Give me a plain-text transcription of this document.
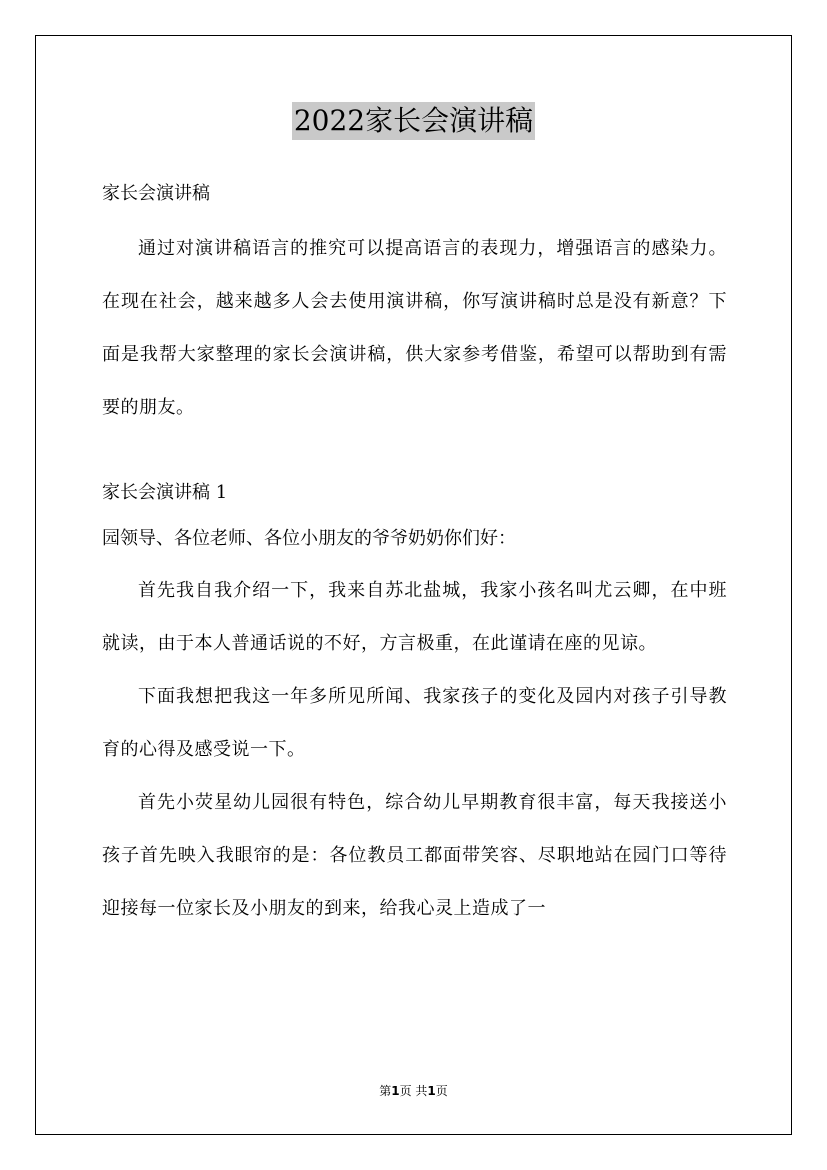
2022家长会演讲稿

家长会演讲稿

通过对演讲稿语言的推究可以提高语言的表现力，增强语言的感染力。在现在社会，越来越多人会去使用演讲稿，你写演讲稿时总是没有新意？下面是我帮大家整理的家长会演讲稿，供大家参考借鉴，希望可以帮助到有需要的朋友。

家长会演讲稿 1

园领导、各位老师、各位小朋友的爷爷奶奶你们好：

首先我自我介绍一下，我来自苏北盐城，我家小孩名叫尤云卿，在中班就读，由于本人普通话说的不好，方言极重，在此谨请在座的见谅。

下面我想把我这一年多所见所闻、我家孩子的变化及园内对孩子引导教育的心得及感受说一下。

首先小荧星幼儿园很有特色，综合幼儿早期教育很丰富，每天我接送小孩子首先映入我眼帘的是：各位教员工都面带笑容、尽职地站在园门口等待迎接每一位家长及小朋友的到来，给我心灵上造成了一

第1页 共1页
